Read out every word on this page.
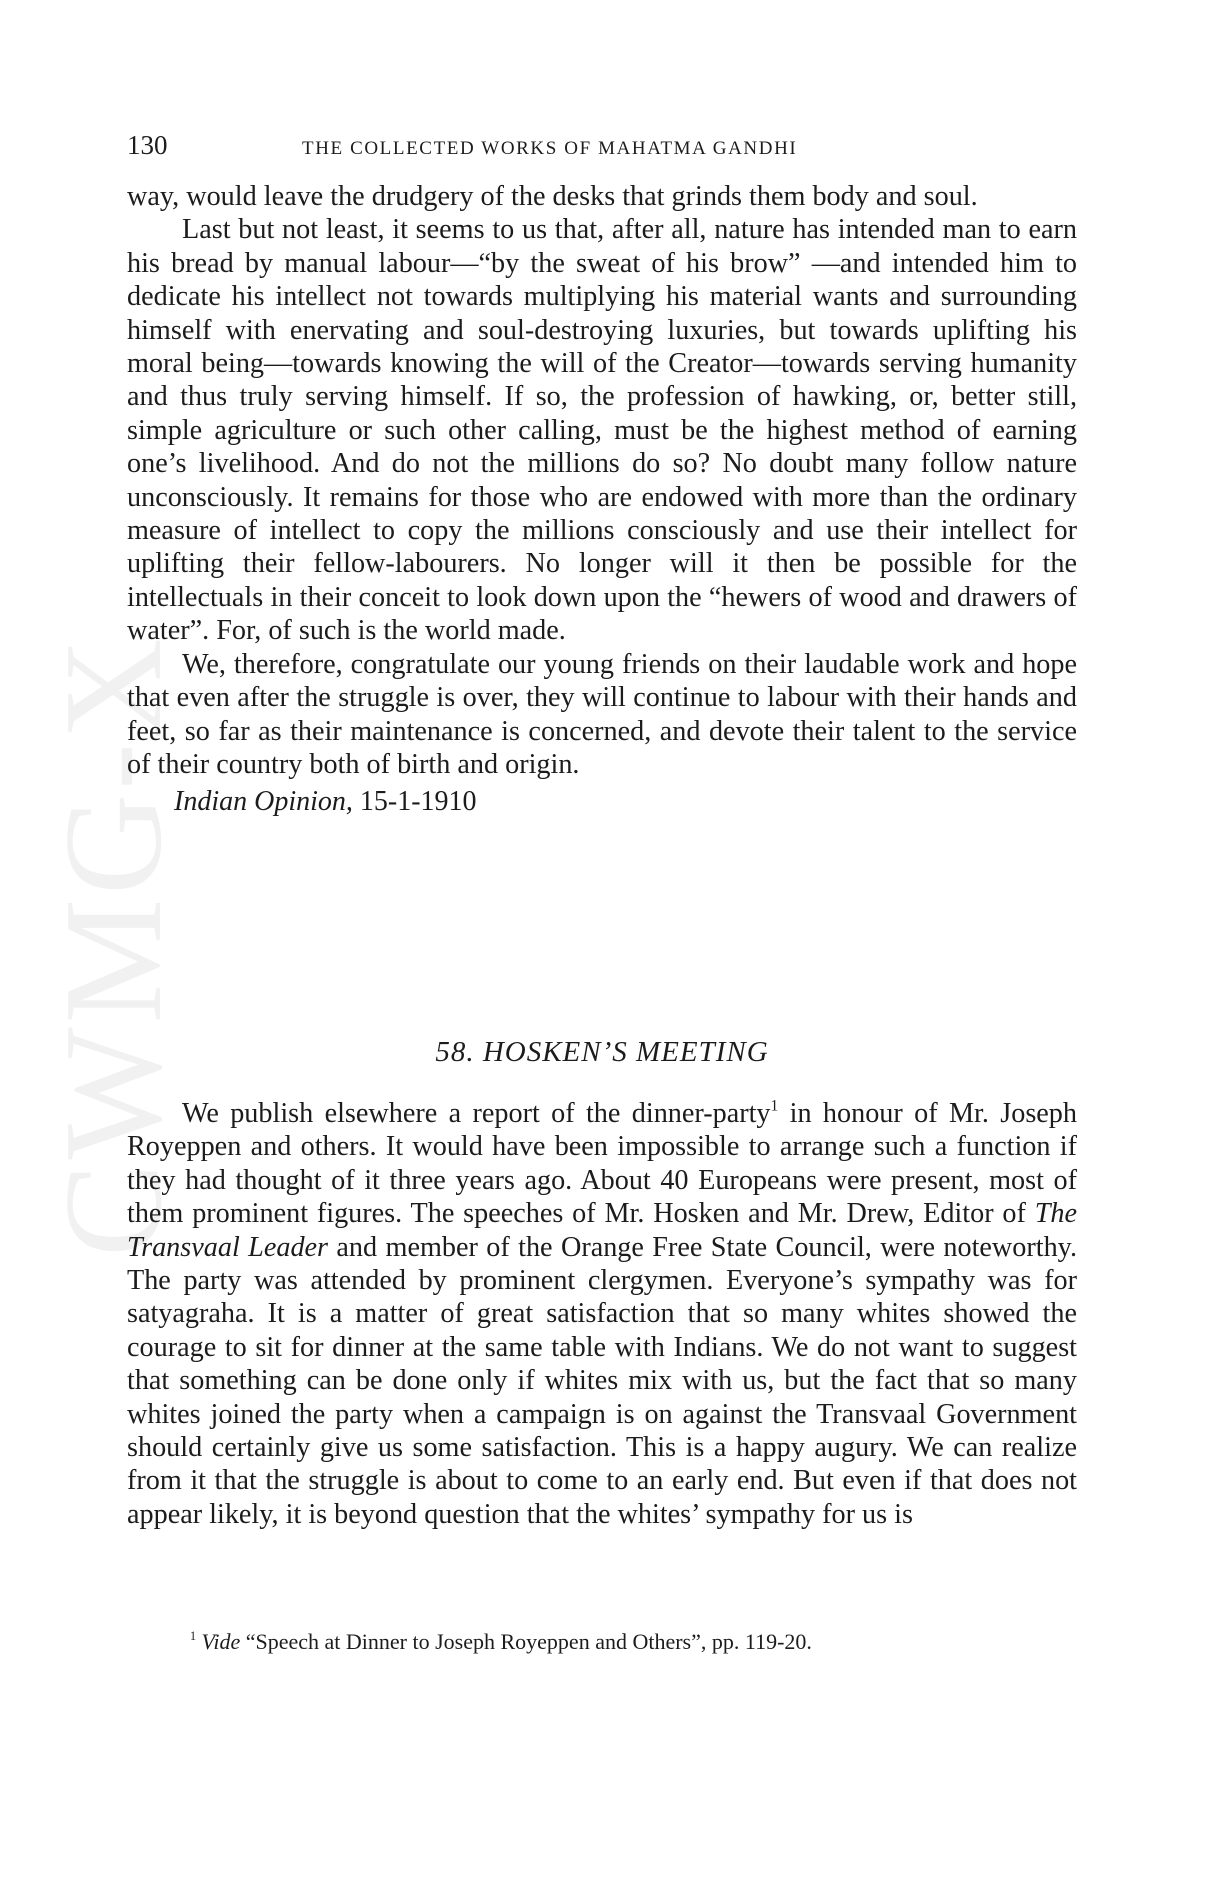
CWMG-X
130	THE COLLECTED WORKS OF MAHATMA GANDHI

way, would leave the drudgery of the desks that grinds them body and soul.

Last but not least, it seems to us that, after all, nature has intended man to earn his bread by manual labour—“by the sweat of his brow” —and intended him to dedicate his intellect not towards multiplying his material wants and surrounding himself with enervating and soul-destroying luxuries, but towards uplifting his moral being—towards knowing the will of the Creator—towards serving humanity and thus truly serving himself. If so, the profession of hawking, or, better still, simple agriculture or such other calling, must be the highest method of earning one’s livelihood. And do not the millions do so? No doubt many follow nature unconsciously. It remains for those who are endowed with more than the ordinary measure of intellect to copy the millions consciously and use their intellect for uplifting their fellow-labourers. No longer will it then be possible for the intellectuals in their conceit to look down upon the “hewers of wood and drawers of water”. For, of such is the world made.

We, therefore, congratulate our young friends on their laudable work and hope that even after the struggle is over, they will continue to labour with their hands and feet, so far as their maintenance is concerned, and devote their talent to the service of their country both of birth and origin.

Indian Opinion, 15-1-1910

58. HOSKEN’S MEETING

We publish elsewhere a report of the dinner-party$^1$ in honour of Mr. Joseph Royeppen and others. It would have been impossible to arrange such a function if they had thought of it three years ago. About 40 Europeans were present, most of them prominent figures. The speeches of Mr. Hosken and Mr. Drew, Editor of The Transvaal Leader and member of the Orange Free State Council, were noteworthy. The party was attended by prominent clergymen. Everyone’s sympathy was for satyagraha. It is a matter of great satisfaction that so many whites showed the courage to sit for dinner at the same table with Indians. We do not want to suggest that something can be done only if whites mix with us, but the fact that so many whites joined the party when a campaign is on against the Transvaal Government should certainly give us some satisfaction. This is a happy augury. We can realize from it that the struggle is about to come to an early end. But even if that does not appear likely, it is beyond question that the whites’ sympathy for us is

$^1$ Vide “Speech at Dinner to Joseph Royeppen and Others”, pp. 119-20.
